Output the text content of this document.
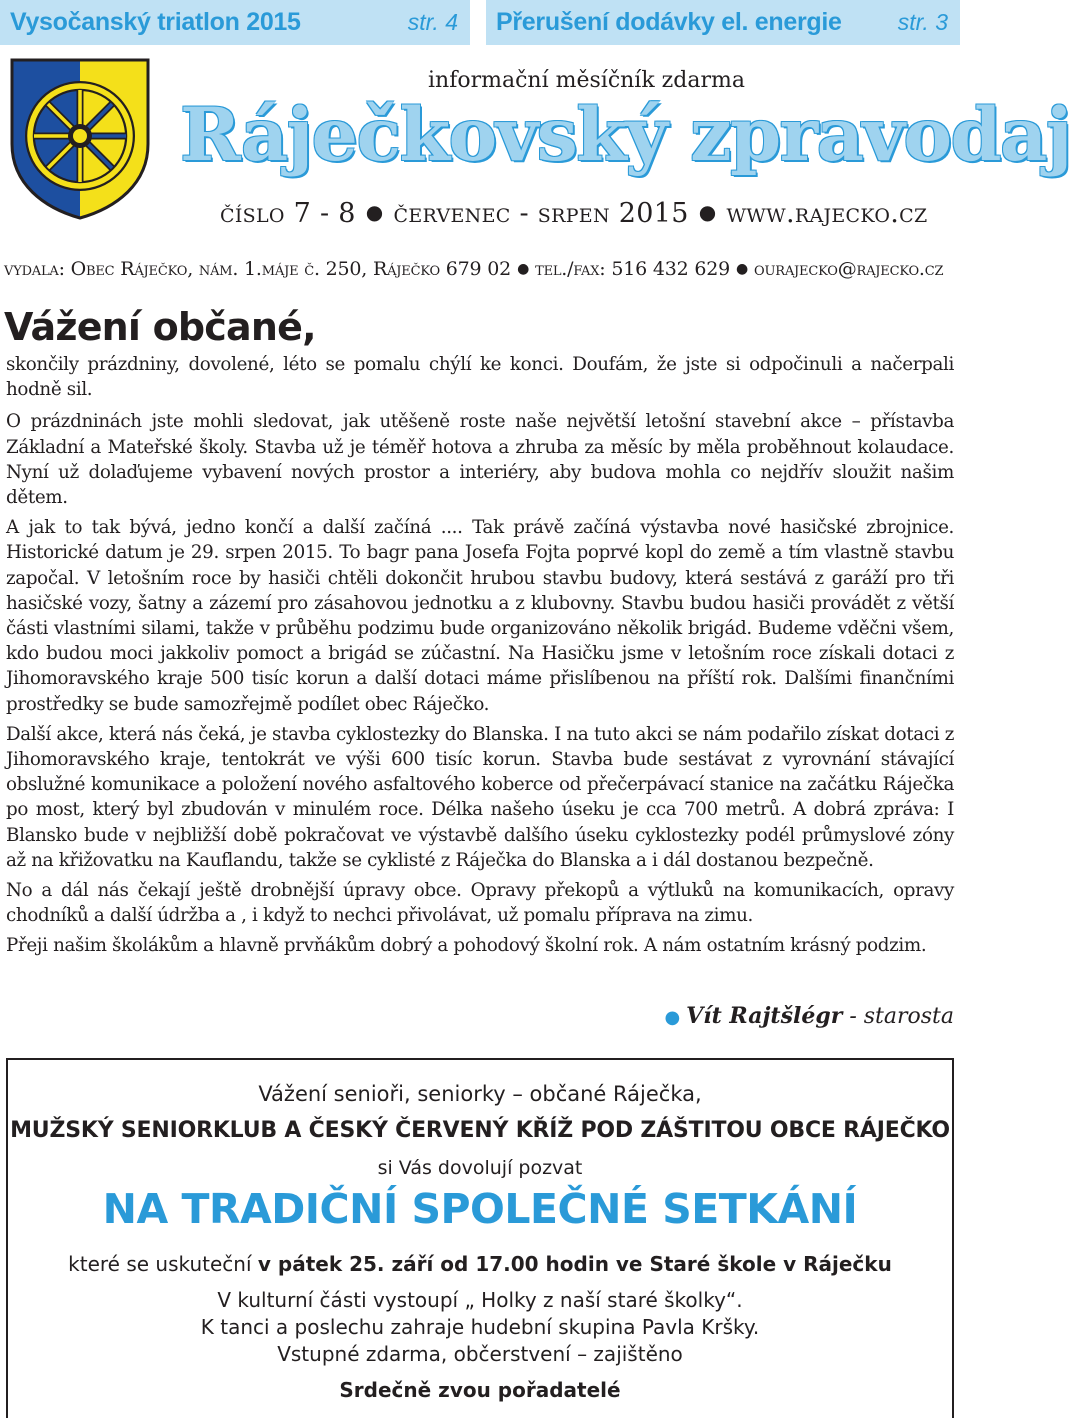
Vysočanský triatlon 2015	str. 4 Přerušení dodávky el. energie str. 3
informační měsíčník zdarma
Ráječkovský zpravodaj
číslo 7 - 8 ● červenec - srpen 2015 ● www.rajecko.cz
vydala: Obec Ráječko, nám. 1.máje č. 250, Ráječko 679 02 ● tel./fax: 516 432 629 ● ourajecko@rajecko.cz
Vážení občané,

skončily prázdniny, dovolené, léto se pomalu chýlí ke konci. Doufám, že jste si odpočinuli a načerpali hodně sil.

O prázdninách jste mohli sledovat, jak utěšeně roste naše největší letošní stavební akce – přístavba Základní a Mateřské školy. Stavba už je téměř hotova a zhruba za měsíc by měla proběhnout kolaudace. Nyní už dolaďujeme vybavení nových prostor a interiéry, aby budova mohla co nejdřív sloužit našim dětem.

A jak to tak bývá, jedno končí a další začíná .... Tak právě začíná výstavba nové hasičské zbrojnice. Historické datum je 29. srpen 2015. To bagr pana Josefa Fojta poprvé kopl do země a tím vlastně stavbu započal. V letošním roce by hasiči chtěli dokončit hrubou stavbu budovy, která sestává z garáží pro tři hasičské vozy, šatny a zázemí pro zásahovou jednotku a z klubovny. Stavbu budou hasiči provádět z větší části vlastními silami, takže v průběhu podzimu bude organizováno několik brigád. Budeme vděčni všem, kdo budou moci jakkoliv pomoct a brigád se zúčastní. Na Hasičku jsme v letošním roce získali dotaci z Jihomoravského kraje 500 tisíc korun a další dotaci máme přislíbenou na příští rok. Dalšími finančními prostředky se bude samozřejmě podílet obec Ráječko.

Další akce, která nás čeká, je stavba cyklostezky do Blanska. I na tuto akci se nám podařilo získat dotaci z Jihomoravského kraje, tentokrát ve výši 600 tisíc korun. Stavba bude sestávat z vyrovnání stávající obslužné komunikace a položení nového asfaltového koberce od přečerpávací stanice na začátku Ráječka po most, který byl zbudován v minulém roce. Délka našeho úseku je cca 700 metrů. A dobrá zpráva: I Blansko bude v nejbližší době pokračovat ve výstavbě dalšího úseku cyklostezky podél průmyslové zóny až na křižovatku na Kauflandu, takže se cyklisté z Ráječka do Blanska a i dál dostanou bezpečně.

No a dál nás čekají ještě drobnější úpravy obce. Opravy překopů a výtluků na komunikacích, opravy chodníků a další údržba a , i když to nechci přivolávat, už pomalu příprava na zimu.

Přeji našim školákům a hlavně prvňákům dobrý a pohodový školní rok. A nám ostatním krásný podzim.

● Vít Rajtšlégr - starosta
Vážení senioři, seniorky – občané Ráječka,
MUŽSKÝ SENIORKLUB A ČESKÝ ČERVENÝ KŘÍŽ POD ZÁŠTITOU OBCE RÁJEČKO
si Vás dovolují pozvat
NA TRADIČNÍ SPOLEČNÉ SETKÁNÍ
které se uskuteční v pátek 25. září od 17.00 hodin ve Staré škole v Ráječku
V kulturní části vystoupí „ Holky z naší staré školky“.
K tanci a poslechu zahraje hudební skupina Pavla Kršky.
Vstupné zdarma, občerstvení – zajištěno
Srdečně zvou pořadatelé
